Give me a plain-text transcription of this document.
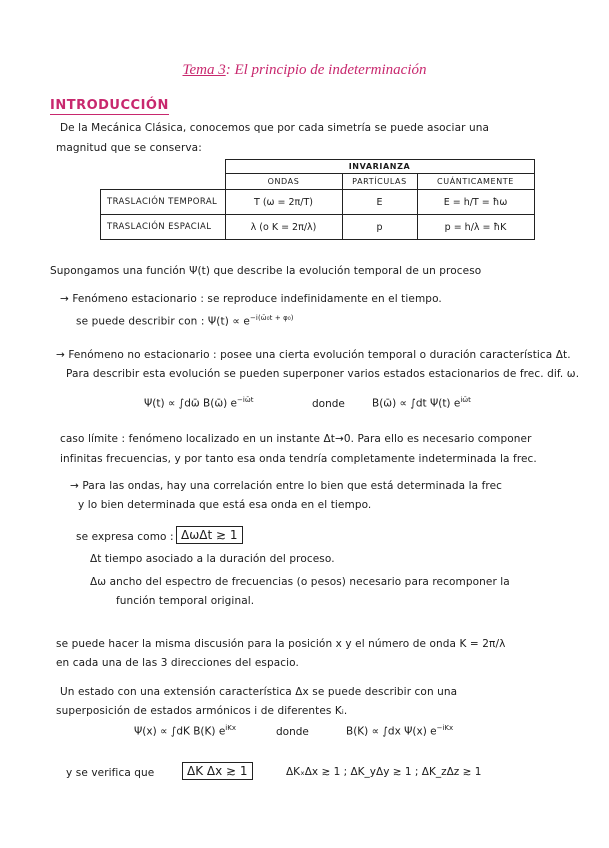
Tema 3: El principio de indeterminación
INTRODUCCIÓN
De la Mecánica Clásica, conocemos que por cada simetría se puede asociar una
magnitud que se conserva:
	INVARIANZA		
	ONDAS	PARTÍCULAS	CUÁNTICAMENTE
TRASLACIÓN TEMPORAL	T (ω = 2π/T)	E	E = h/T = ħω
TRASLACIÓN ESPACIAL	λ (o K = 2π/λ)	p	p = h/λ = ħK
Supongamos una función Ψ(t) que describe la evolución temporal de un proceso
→ Fenómeno estacionario : se reproduce indefinidamente en el tiempo.
se puede describir con : $\Psi(t) \propto e^{-i(\omegā_0t + \varphi_0)}$
→ Fenómeno no estacionario : posee una cierta evolución temporal o duración característica Δt.
Para describir esta evolución se pueden superponer varios estados estacionarios de frec. dif. ω.
Ψ(t) ∝ ∫dω̄ B(ω̄) $e^{-i\omegāt}$	donde	B(ω̄) ∝ ∫dt Ψ(t) $e^{i\omegāt}$
caso límite : fenómeno localizado en un instante Δt→0. Para ello es necesario componer
infinitas frecuencias, y por tanto esa onda tendría completamente indeterminada la frec.
→ Para las ondas, hay una correlación entre lo bien que está determinada la frec
y lo bien determinada que está esa onda en el tiempo.
se expresa como : ΔωΔt ≳ 1
Δt tiempo asociado a la duración del proceso.
Δω ancho del espectro de frecuencias (o pesos) necesario para recomponer la
función temporal original.
se puede hacer la misma discusión para la posición x y el número de onda K = 2π/λ
en cada una de las 3 direcciones del espacio.
Un estado con una extensión característica Δx se puede describir con una
superposición de estados armónicos i de diferentes Kᵢ.
Ψ(x) ∝ ∫dK B(K) $e^{iKx}$	donde	B(K) ∝ ∫dx Ψ(x) $e^{-iKx}$
y se verifica que	ΔK Δx ≳ 1	ΔKₓΔx ≳ 1 ; ΔK_yΔy ≳ 1 ; ΔK_zΔz ≳ 1
